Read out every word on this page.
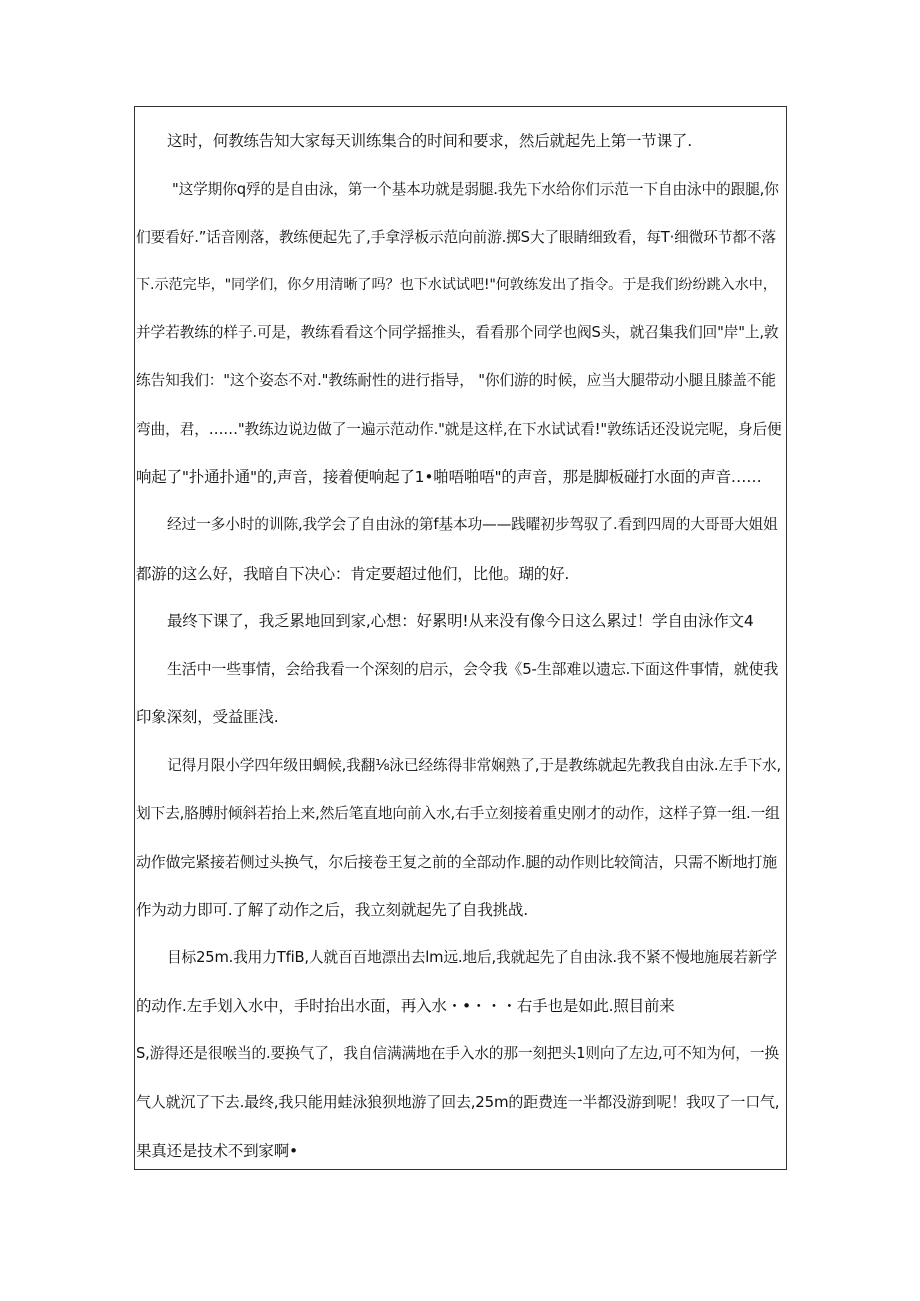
这时，何教练告知大家每天训练集合的时间和要求，然后就起先上第一节课了.
"这学期你q殍的是自由泳，第一个基本功就是弱腿.我先下水给你们示范一下自由泳中的跟腿,你
们要看好.”话音刚落，教练便起先了,手拿浮板示范向前游.掷S大了眼睛细致看，每T·细微环节都不落
下.示范完毕，"同学们，你夕用清晰了吗？也下水试试吧!"何敦练发出了指令。于是我们纷纷跳入水中，
并学若教练的样子.可是，教练看看这个同学摇推头，看看那个同学也阀S头，就召集我们回"岸"上,敦
练告知我们："这个姿态不对."教练耐性的进行指导， "你们游的时候，应当大腿带动小腿且膝盖不能
弯曲，君，……"教练边说边做了一遍示范动作."就是这样,在下水试试看!"敦练话还没说完呢，身后便
响起了"扑通扑通"的,声音，接着便响起了1•啪唔啪唔"的声音，那是脚板碰打水面的声音……
经过一多小时的训陈,我学会了自由泳的第f基本功——践曜初步驾驭了.看到四周的大哥哥大姐姐
都游的这么好，我暗自下决心：肯定要超过他们，比他。瑚的好.
最终下课了，我乏累地回到家,心想：好累明!从来没有像今日这么累过！学自由泳作文4
生活中一些事情，会给我看一个深刻的启示，会令我《5-生部难以遗忘.下面这件事情，就使我
印象深刻，受益匪浅.
记得月限小学四年级田蜩候,我翻⅛泳已经练得非常娴熟了,于是教练就起先教我自由泳.左手下水,
划下去,胳膊肘倾斜若抬上来,然后笔直地向前入水,右手立刻接着重史刚才的动作，这样子算一组.一组
动作做完紧接若侧过头换气，尔后接卷王复之前的全部动作.腿的动作则比较简洁，只需不断地打施
作为动力即可.了解了动作之后，我立刻就起先了自我挑战.
目标25m.我用力TfiB,人就百百地漂出去lm远.地后,我就起先了自由泳.我不紧不慢地施展若新学
的动作.左手划入水中，手时抬出水面，再入水・•・・・右手也是如此.照目前来
S,游得还是很喉当的.要换气了，我自信满满地在手入水的那一刻把头1则向了左边,可不知为何，一换
气人就沉了下去.最终,我只能用蛙泳狼狈地游了回去,25m的距费连一半都没游到呢！我叹了一口气,
果真还是技术不到家啊•
